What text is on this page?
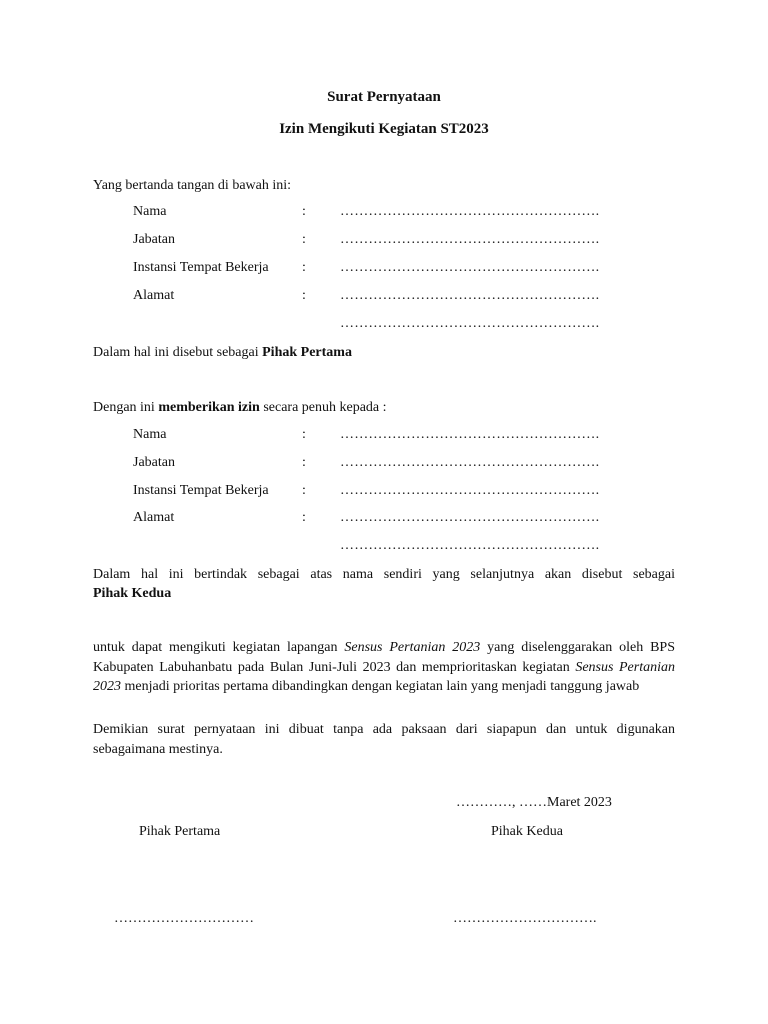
Surat Pernyataan
Izin Mengikuti Kegiatan ST2023
Yang bertanda tangan di bawah ini:
Nama	: ……………………………………………….
Jabatan	: ……………………………………………….
Instansi Tempat Bekerja : ……………………………………………….
Alamat	: ……………………………………………….
……………………………………………….
Dalam hal ini disebut sebagai Pihak Pertama
Dengan ini memberikan izin secara penuh kepada :
Nama	: ……………………………………………….
Jabatan	: ……………………………………………….
Instansi Tempat Bekerja : ……………………………………………….
Alamat	: ……………………………………………….
……………………………………………….
Dalam hal ini bertindak sebagai atas nama sendiri yang selanjutnya akan disebut sebagai
Pihak Kedua
untuk dapat mengikuti kegiatan lapangan Sensus Pertanian 2023 yang diselenggarakan oleh BPS Kabupaten Labuhanbatu pada Bulan Juni-Juli 2023 dan memprioritaskan kegiatan Sensus Pertanian 2023 menjadi prioritas pertama dibandingkan dengan kegiatan lain yang menjadi tanggung jawab
Demikian surat pernyataan ini dibuat tanpa ada paksaan dari siapapun dan untuk digunakan sebagaimana mestinya.
…………, ……Maret 2023
Pihak Pertama	Pihak Kedua
…………………………	………………………….
